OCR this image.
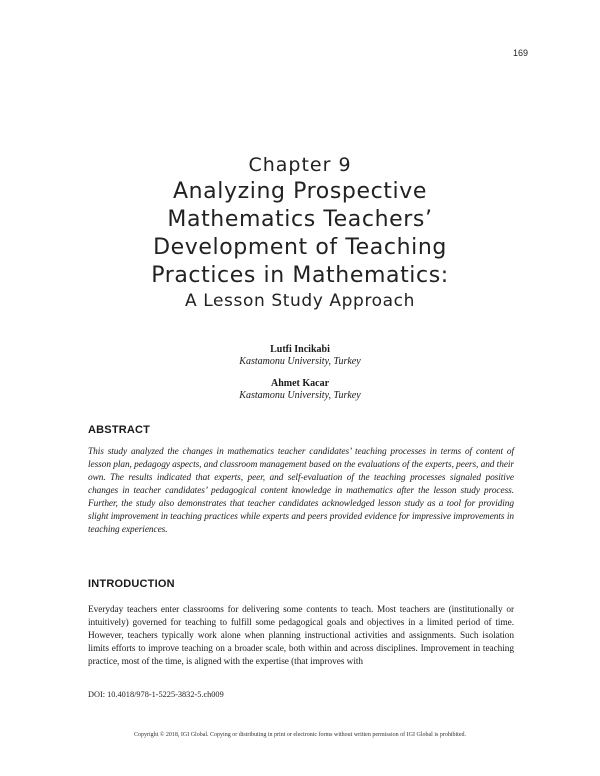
169
Chapter 9
Analyzing Prospective
Mathematics Teachers’
Development of Teaching
Practices in Mathematics:
A Lesson Study Approach
Lutfi Incikabi
Kastamonu University, Turkey
Ahmet Kacar
Kastamonu University, Turkey
ABSTRACT
This study analyzed the changes in mathematics teacher candidates’ teaching processes in terms of content of lesson plan, pedagogy aspects, and classroom management based on the evaluations of the experts, peers, and their own. The results indicated that experts, peer, and self-evaluation of the teaching processes signaled positive changes in teacher candidates’ pedagogical content knowledge in mathematics after the lesson study process. Further, the study also demonstrates that teacher candidates acknowledged lesson study as a tool for providing slight improvement in teaching practices while experts and peers provided evidence for impressive improvements in teaching experiences.
INTRODUCTION
Everyday teachers enter classrooms for delivering some contents to teach. Most teachers are (institutionally or intuitively) governed for teaching to fulfill some pedagogical goals and objectives in a limited period of time. However, teachers typically work alone when planning instructional activities and assignments. Such isolation limits efforts to improve teaching on a broader scale, both within and across disciplines. Improvement in teaching practice, most of the time, is aligned with the expertise (that improves with
DOI: 10.4018/978-1-5225-3832-5.ch009
Copyright © 2018, IGI Global. Copying or distributing in print or electronic forms without written permission of IGI Global is prohibited.
